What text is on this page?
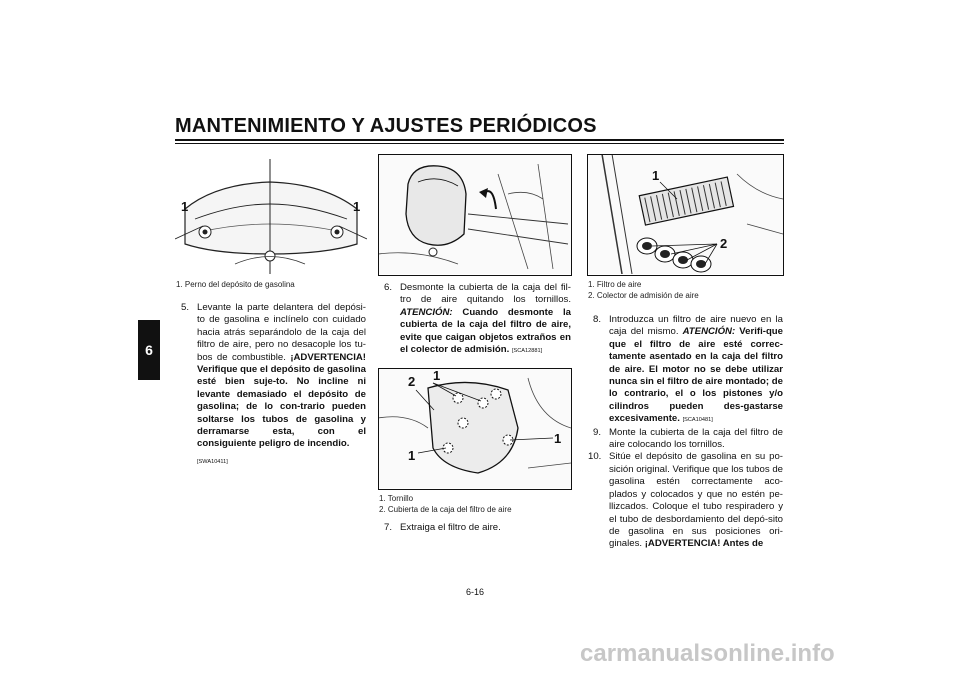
MANTENIMIENTO Y AJUSTES PERIÓDICOS
6
1	1
1. Perno del depósito de gasolina
2 1
1
1
1. Tornillo
2. Cubierta de la caja del filtro de aire
1
2
1. Filtro de aire
2. Colector de admisión de aire
5. Levante la parte delantera del depósi-to de gasolina e inclínelo con cuidado hacia atrás separándolo de la caja del filtro de aire, pero no desacople los tu-bos de combustible. ¡ADVERTENCIA! Verifique que el depósito de gasolina esté bien suje-to. No incline ni levante demasiado el depósito de gasolina; de lo con-trario pueden soltarse los tubos de gasolina y derramarse esta, con el consiguiente peligro de incendio.
[SWA10411]
6. Desmonte la cubierta de la caja del fil-tro de aire quitando los tornillos. ATENCIÓN: Cuando desmonte la cubierta de la caja del filtro de aire, evite que caigan objetos extraños en el colector de admisión. [SCA12881]
7. Extraiga el filtro de aire.
8. Introduzca un filtro de aire nuevo en la caja del mismo. ATENCIÓN: Verifi-que que el filtro de aire esté correc-tamente asentado en la caja del filtro de aire. El motor no se debe utilizar nunca sin el filtro de aire montado; de lo contrario, el o los pistones y/o cilindros pueden des-gastarse excesivamente. [SCA10481]
9. Monte la cubierta de la caja del filtro de aire colocando los tornillos.
10. Sitúe el depósito de gasolina en su po-sición original. Verifique que los tubos de gasolina estén correctamente aco-plados y colocados y que no estén pe-llizcados. Coloque el tubo respiradero y el tubo de desbordamiento del depó-sito de gasolina en sus posiciones ori-ginales. ¡ADVERTENCIA! Antes de
6-16
carmanualsonline.info
